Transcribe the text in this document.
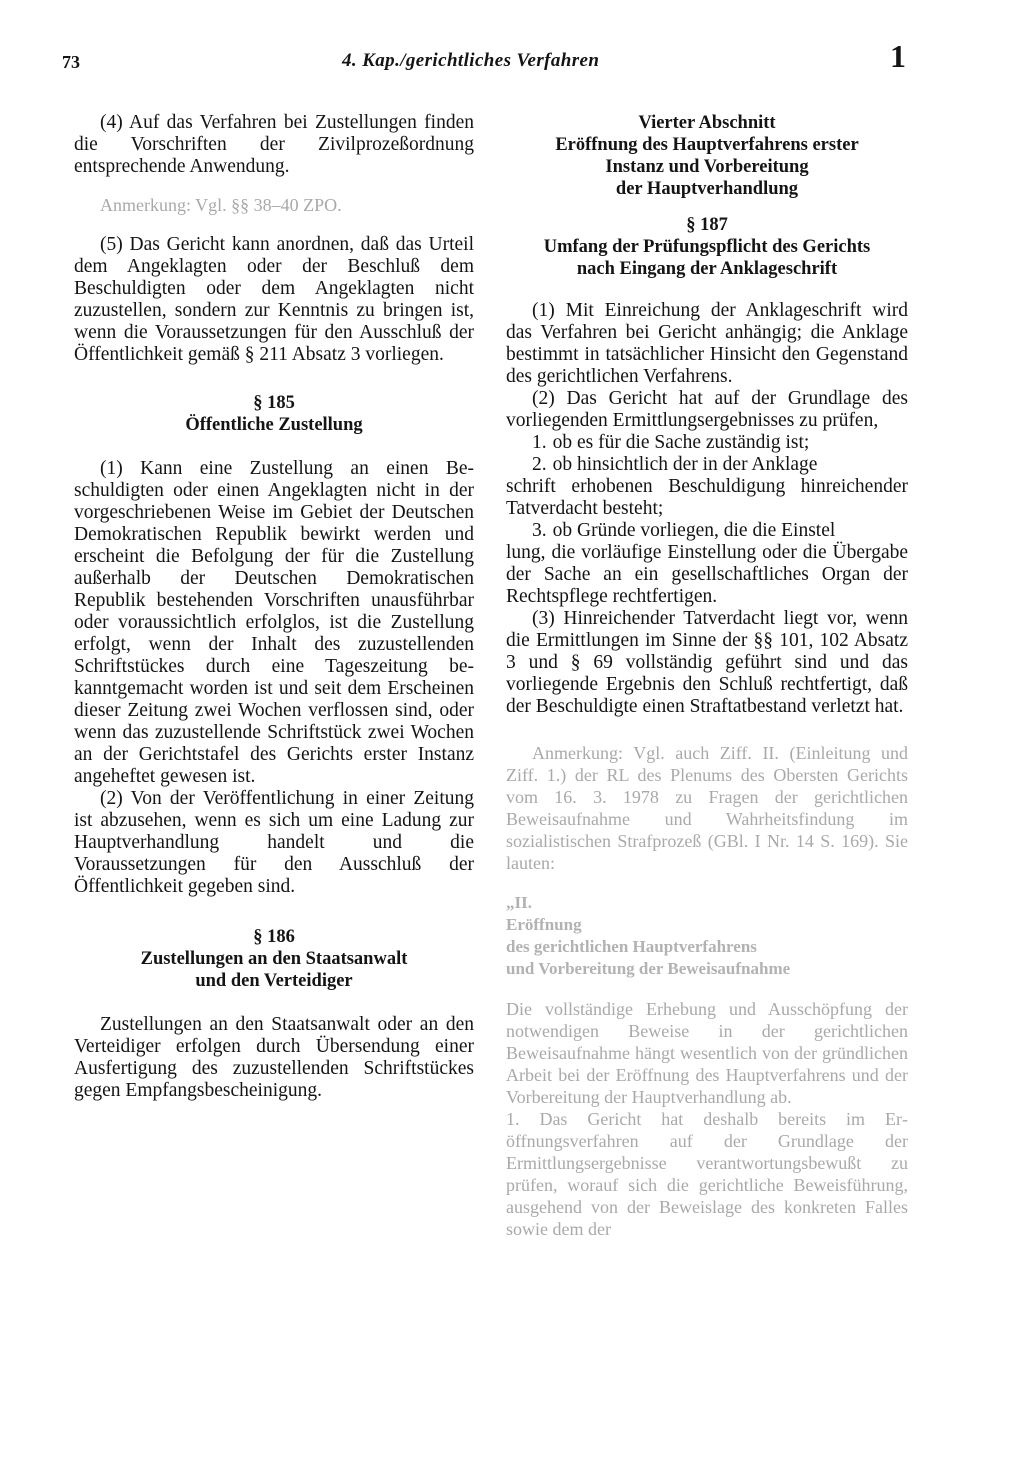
73	4. Kap./gerichtliches Verfahren	1

(4) Auf das Verfahren bei Zustellungen finden die Vorschriften der Zivilprozeßordnung entsprechende Anwendung.

Anmerkung: Vgl. §§ 38–40 ZPO.

(5) Das Gericht kann anordnen, daß das Urteil dem Angeklagten oder der Beschluß dem Beschuldigten oder dem Angeklagten nicht zuzustellen, sondern zur Kenntnis zu bringen ist, wenn die Voraussetzungen für den Ausschluß der Öffentlichkeit gemäß § 211 Absatz 3 vorliegen.

§ 185

Öffentliche Zustellung

(1) Kann eine Zustellung an einen Beschuldigten oder einen Angeklagten nicht in der vorgeschriebenen Weise im Gebiet der Deutschen Demokratischen Republik bewirkt werden und erscheint die Befolgung der für die Zustellung außerhalb der Deutschen Demokratischen Republik bestehenden Vorschriften unausführbar oder voraussichtlich erfolglos, ist die Zustellung erfolgt, wenn der Inhalt des zuzustellenden Schriftstückes durch eine Tageszeitung bekanntgemacht worden ist und seit dem Erscheinen dieser Zeitung zwei Wochen verflossen sind, oder wenn das zuzustellende Schriftstück zwei Wochen an der Gerichtstafel des Gerichts erster Instanz angeheftet gewesen ist.

(2) Von der Veröffentlichung in einer Zeitung ist abzusehen, wenn es sich um eine Ladung zur Hauptverhandlung handelt und die Voraussetzungen für den Ausschluß der Öffentlichkeit gegeben sind.

§ 186

Zustellungen an den Staatsanwalt

und den Verteidiger

Zustellungen an den Staatsanwalt oder an den Verteidiger erfolgen durch Übersendung einer Ausfertigung des zuzustellenden Schriftstückes gegen Empfangsbescheinigung.

Vierter Abschnitt

Eröffnung des Hauptverfahrens erster

Instanz und Vorbereitung

der Hauptverhandlung

§ 187

Umfang der Prüfungspflicht des Gerichts

nach Eingang der Anklageschrift

(1) Mit Einreichung der Anklageschrift wird das Verfahren bei Gericht anhängig; die Anklage bestimmt in tatsächlicher Hinsicht den Gegenstand des gerichtlichen Verfahrens.

(2) Das Gericht hat auf der Grundlage des vorliegenden Ermittlungsergebnisses zu prüfen,

1. ob es für die Sache zuständig ist;

2. ob hinsichtlich der in der Anklage

schrift erhobenen Beschuldigung hinreichender Tatverdacht besteht;

3. ob Gründe vorliegen, die die Einstel

lung, die vorläufige Einstellung oder die Übergabe der Sache an ein gesellschaftliches Organ der Rechtspflege rechtfertigen.

(3) Hinreichender Tatverdacht liegt vor, wenn die Ermittlungen im Sinne der §§ 101, 102 Absatz 3 und § 69 vollständig geführt sind und das vorliegende Ergebnis den Schluß rechtfertigt, daß der Beschuldigte einen Straftatbestand verletzt hat.

Anmerkung: Vgl. auch Ziff. II. (Einleitung und Ziff. 1.) der RL des Plenums des Obersten Gerichts vom 16. 3. 1978 zu Fragen der gerichtlichen Beweisaufnahme und Wahrheitsfindung im sozialistischen Strafprozeß (GBl. I Nr. 14 S. 169). Sie lauten:

„II.

Eröffnung

des gerichtlichen Hauptverfahrens

und Vorbereitung der Beweisaufnahme

Die vollständige Erhebung und Ausschöpfung der notwendigen Beweise in der gerichtlichen Beweisaufnahme hängt wesentlich von der gründlichen Arbeit bei der Eröffnung des Hauptverfahrens und der Vorbereitung der Hauptverhandlung ab.

1. Das Gericht hat deshalb bereits im Eröffnungsverfahren auf der Grundlage der Ermittlungsergebnisse verantwortungsbewußt zu prüfen, worauf sich die gerichtliche Beweisführung, ausgehend von der Beweislage des konkreten Falles sowie dem der
